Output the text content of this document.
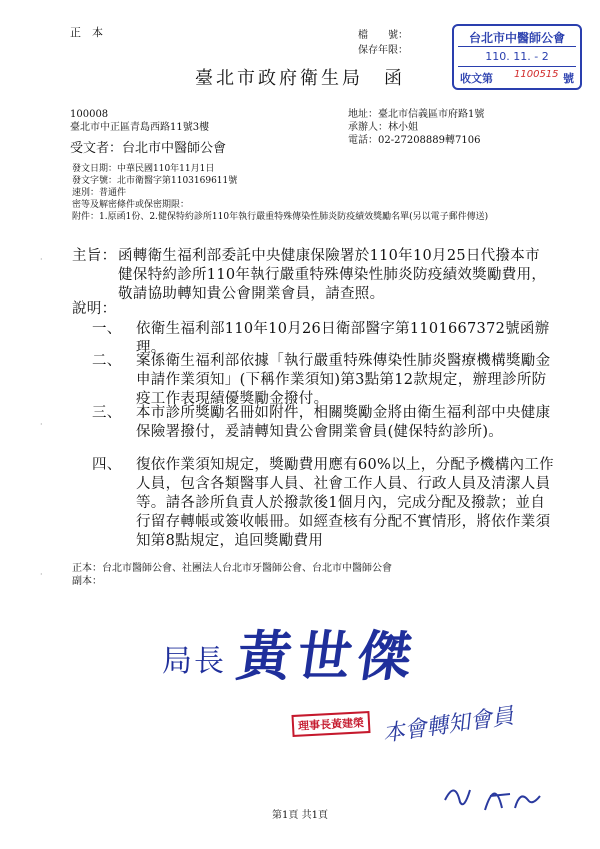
正　本	檔　　號：
保存年限：
台北市中醫師公會
110. 11. - 2
收文第 1100515 號
臺北市政府衛生局　函
100008
臺北市中正區青島西路11號3樓
受文者：台北市中醫師公會
地址：臺北市信義區市府路1號
承辦人：林小姐
電話：02-27208889轉7106
發文日期：中華民國110年11月1日
發文字號：北市衛醫字第1103169611號
速別：普通件
密等及解密條件或保密期限：
附件：1.原函1份、2.健保特約診所110年執行嚴重特殊傳染性肺炎防疫績效獎勵名單(另以電子郵件傳送)
主旨： 函轉衛生福利部委託中央健康保險署於110年10月25日代撥本市健保特約診所110年執行嚴重特殊傳染性肺炎防疫績效獎勵費用，敬請協助轉知貴公會開業會員，請查照。
說明：
一、 依衛生福利部110年10月26日衛部醫字第1101667372號函辦理。
二、 案係衛生福利部依據「執行嚴重特殊傳染性肺炎醫療機構獎勵金申請作業須知」(下稱作業須知)第3點第12款規定，辦理診所防疫工作表現績優獎勵金撥付。
三、 本市診所獎勵名冊如附件，相關獎勵金將由衛生福利部中央健康保險署撥付，爰請轉知貴公會開業會員(健保特約診所)。
四、 復依作業須知規定，獎勵費用應有60%以上，分配予機構內工作人員，包含各類醫事人員、社會工作人員、行政人員及清潔人員等。請各診所負責人於撥款後1個月內，完成分配及撥款；並自行留存轉帳或簽收帳冊。如經查核有分配不實情形，將依作業須知第8點規定，追回獎勵費用
正本：台北市醫師公會、社團法人台北市牙醫師公會、台北市中醫師公會
副本：
局長 黃世傑
理事長黃建榮 本會轉知會員
第1頁 共1頁
·
·
·
